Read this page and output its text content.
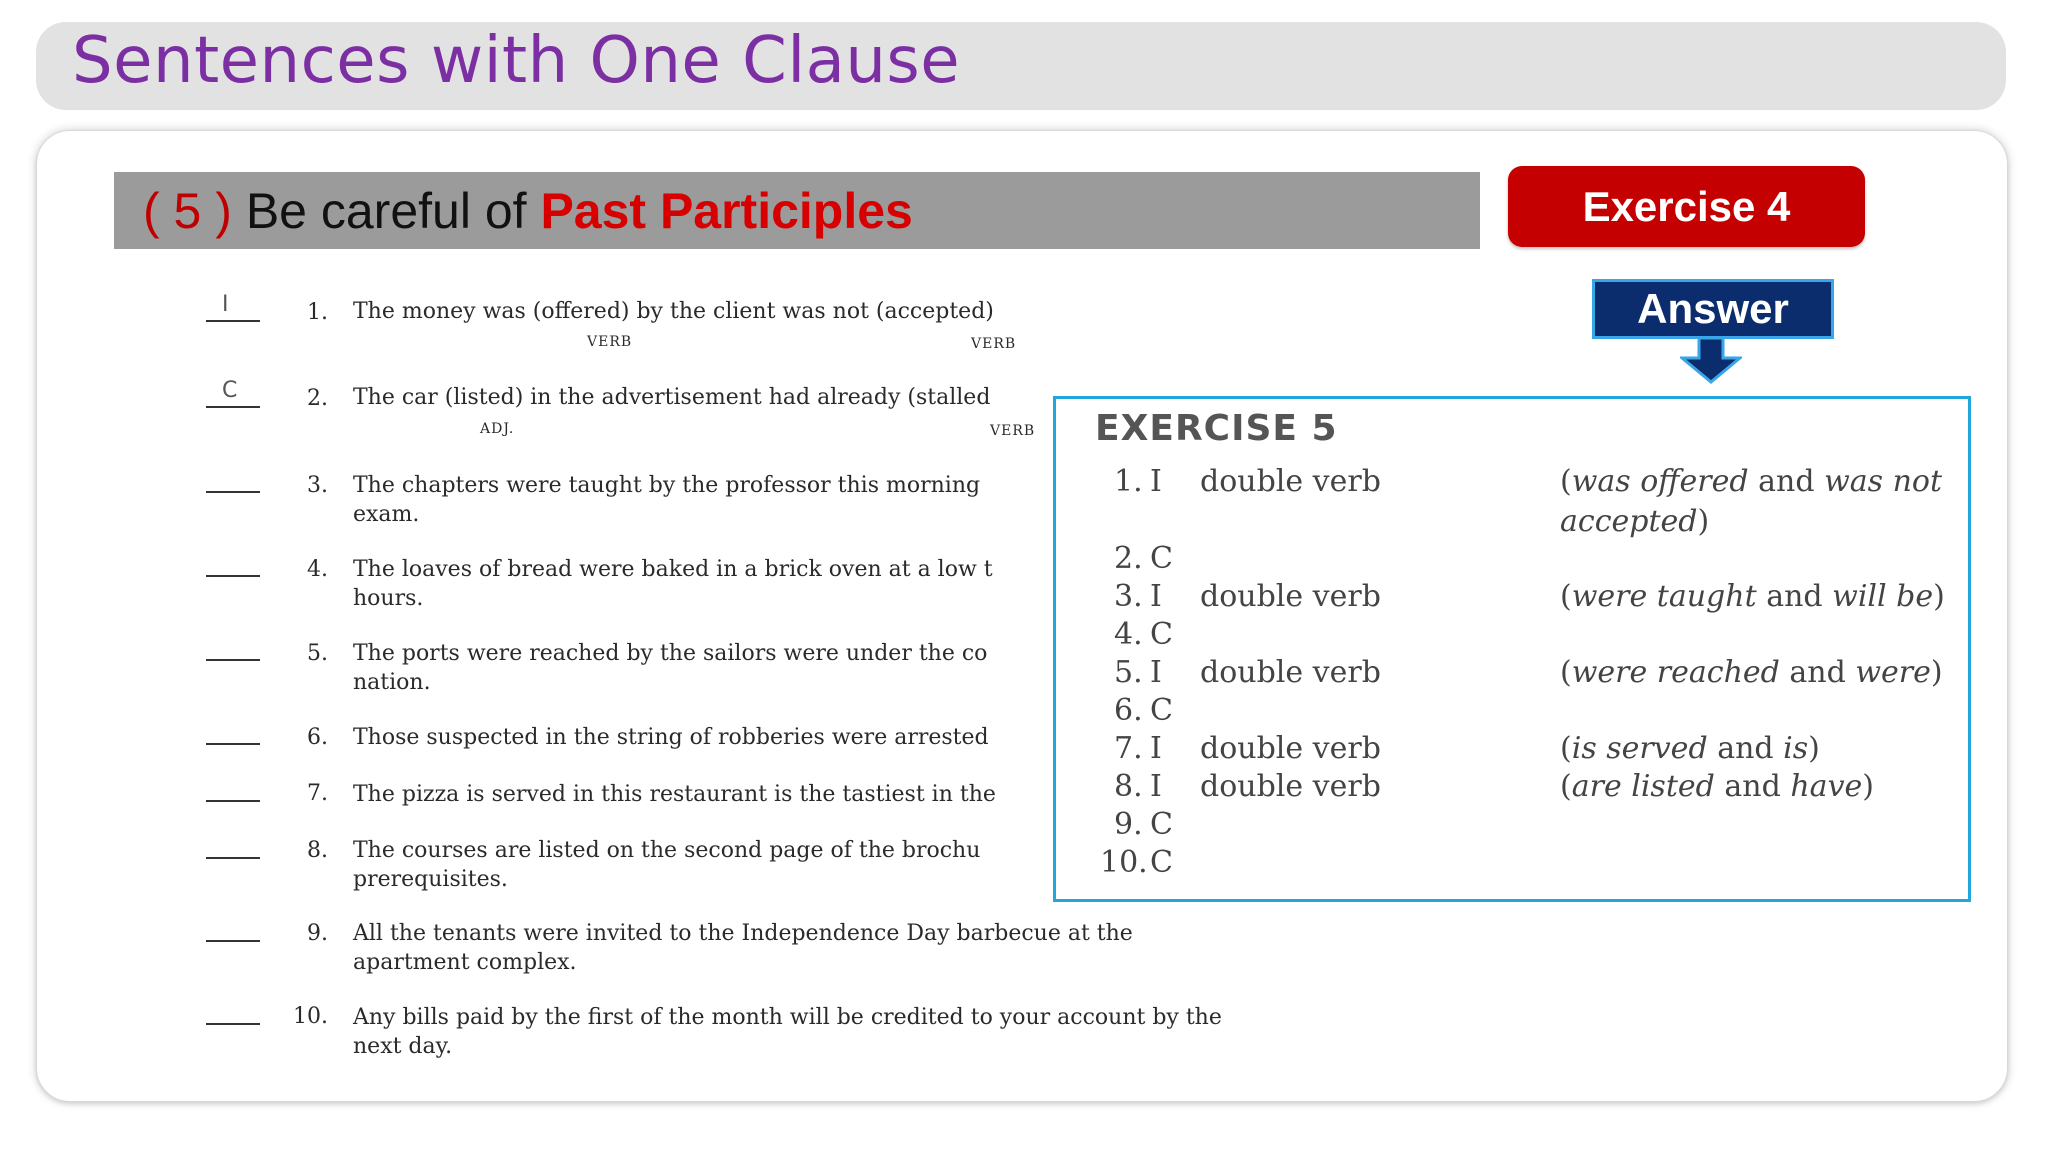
Sentences with One Clause
( 5 ) Be careful of Past Participles	Exercise 4
Answer
I	1. The money was (offered) by the client was not (accepted)
VERB	VERB
C	2. The car (listed) in the advertisement had already (stalled
ADJ.	VERB
3. The chapters were taught by the professor this morning
exam.
4. The loaves of bread were baked in a brick oven at a low t
hours.
5. The ports were reached by the sailors were under the co
nation.
6. Those suspected in the string of robberies were arrested
7. The pizza is served in this restaurant is the tastiest in the
8. The courses are listed on the second page of the brochu
prerequisites.
9. All the tenants were invited to the Independence Day barbecue at the
apartment complex.
10. Any bills paid by the first of the month will be credited to your account by the
next day.
EXERCISE 5
1. I double verb	(was offered and was not
accepted)
2. C
3. I double verb	(were taught and will be)
4. C
5. I double verb	(were reached and were)
6. C
7. I double verb	(is served and is)
8. I double verb	(are listed and have)
9. C
10. C
